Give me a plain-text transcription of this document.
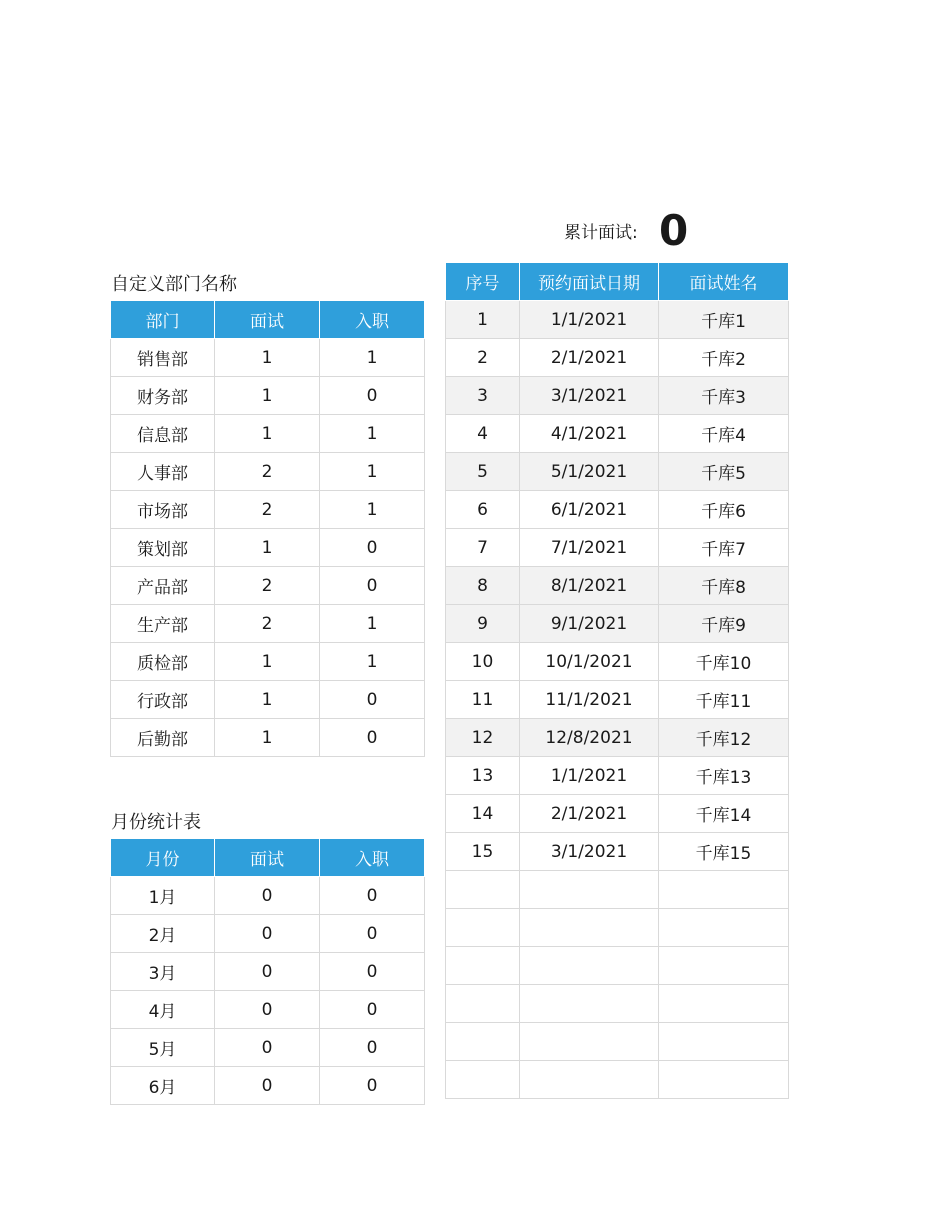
累计面试: 0
自定义部门名称
部门	面试	入职
销售部	1	1
财务部	1	0
信息部	1	1
人事部	2	1
市场部	2	1
策划部	1	0
产品部	2	0
生产部	2	1
质检部	1	1
行政部	1	0
后勤部	1	0
月份统计表
月份	面试	入职
1月	0	0
2月	0	0
3月	0	0
4月	0	0
5月	0	0
6月	0	0
序号	预约面试日期	面试姓名
1	1/1/2021	千库1
2	2/1/2021	千库2
3	3/1/2021	千库3
4	4/1/2021	千库4
5	5/1/2021	千库5
6	6/1/2021	千库6
7	7/1/2021	千库7
8	8/1/2021	千库8
9	9/1/2021	千库9
10	10/1/2021	千库10
11	11/1/2021	千库11
12	12/8/2021	千库12
13	1/1/2021	千库13
14	2/1/2021	千库14
15	3/1/2021	千库15
